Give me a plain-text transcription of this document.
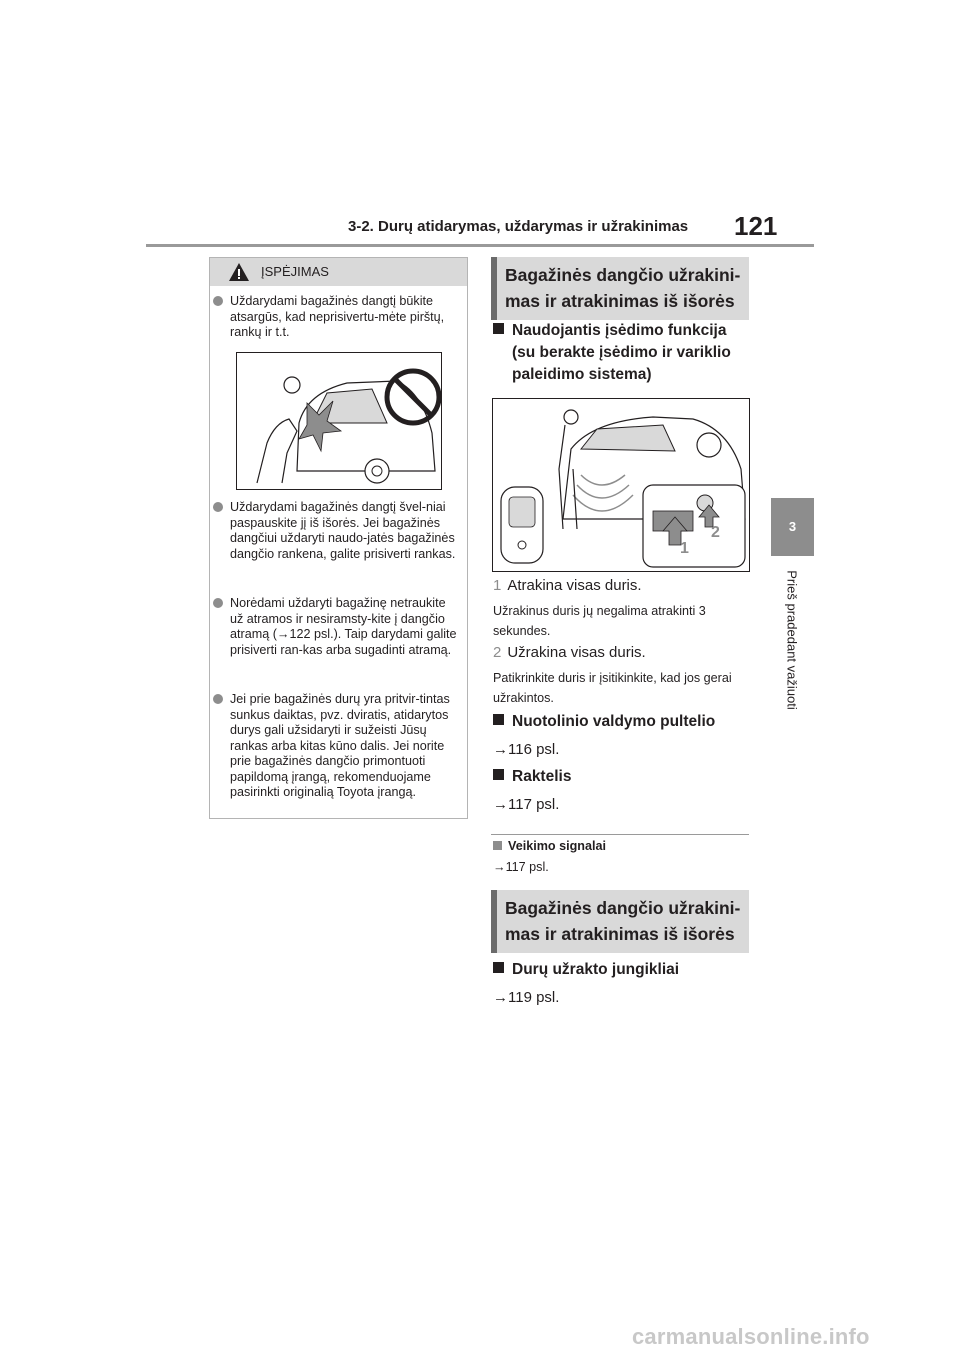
3-2. Durų atidarymas, uždarymas ir užrakinimas 121
3
Prieš pradedant važiuoti
ĮSPĖJIMAS
Uždarydami bagažinės dangtį būkite atsargūs, kad neprisivertu-mėte pirštų, rankų ir t.t.
Uždarydami bagažinės dangtį švel-niai paspauskite jį iš išorės. Jei bagažinės dangčiui uždaryti naudo-jatės bagažinės dangčio rankena, galite prisiverti rankas.
Norėdami uždaryti bagažinę netraukite už atramos ir nesiramsty-kite į dangčio atramą (→122 psl.). Taip darydami galite prisiverti ran-kas arba sugadinti atramą.
Jei prie bagažinės durų yra pritvir-tintas sunkus daiktas, pvz. dviratis, atidarytos durys gali užsidaryti ir sužeisti Jūsų rankas arba kitas kūno dalis. Jei norite prie bagažinės dangčio primontuoti papildomą įrangą, rekomenduojame pasirinkti originalią Toyota įrangą.
Bagažinės dangčio užrakini-
mas ir atrakinimas iš išorės
Naudojantis įsėdimo funkcija
(su berakte įsėdimo ir variklio
paleidimo sistema)
1
2
1 Atrakina visas duris.
Užrakinus duris jų negalima atrakinti 3 sekundes.
2 Užrakina visas duris.
Patikrinkite duris ir įsitikinkite, kad jos gerai užrakintos.
Nuotolinio valdymo pultelio
→116 psl.
Raktelis
→117 psl.
Veikimo signalai
→117 psl.
Bagažinės dangčio užrakini-
mas ir atrakinimas iš išorės
Durų užrakto jungikliai
→119 psl.
carmanualsonline.info
